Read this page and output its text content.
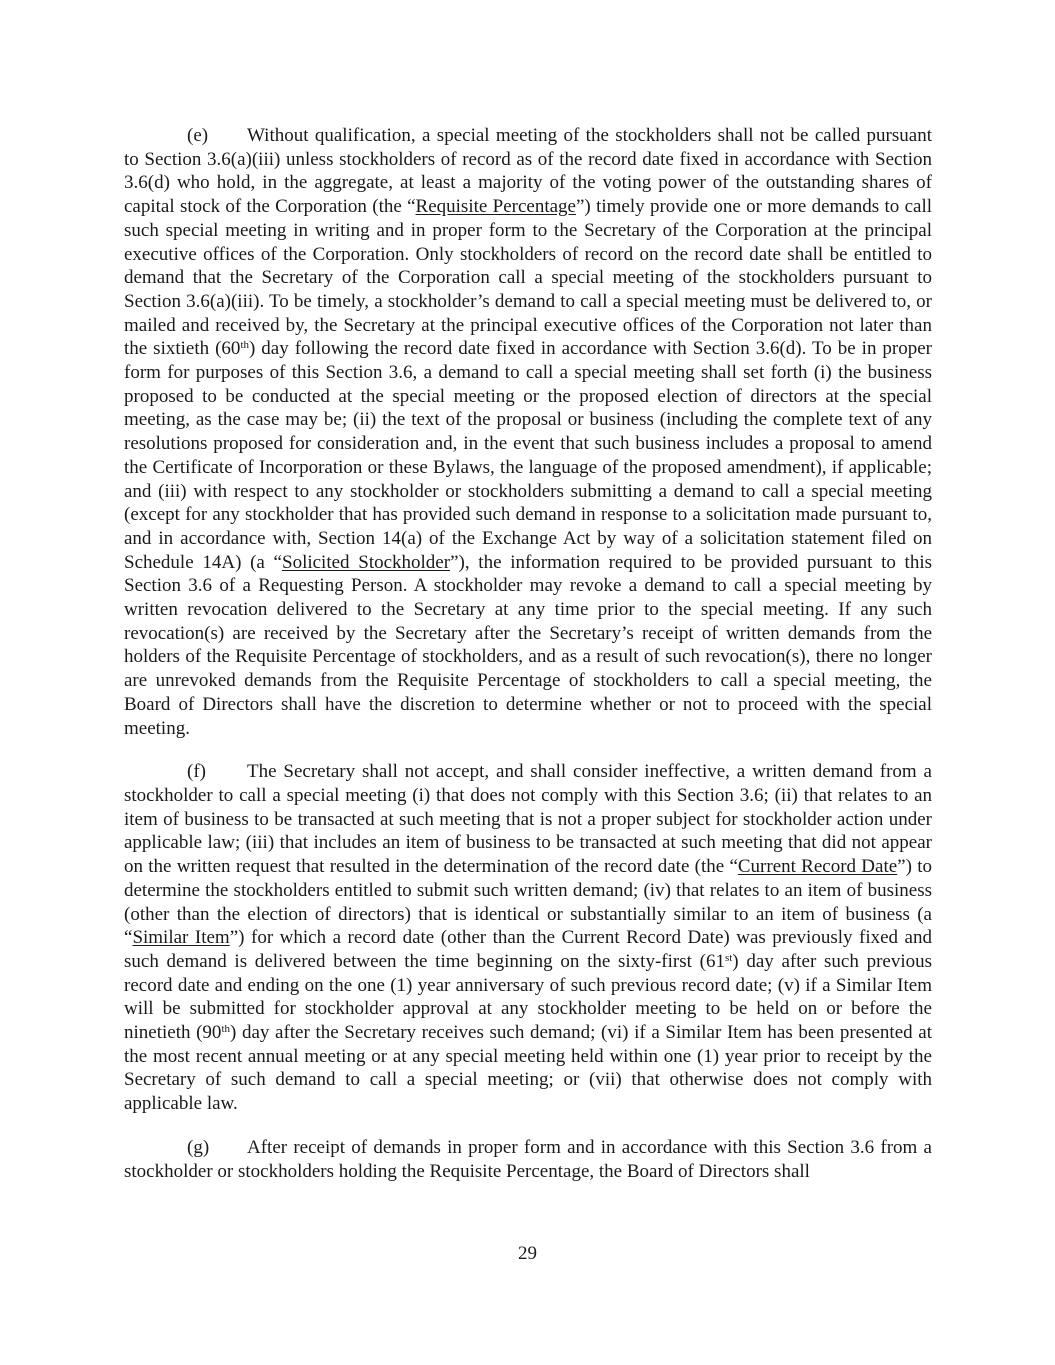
(e) Without qualification, a special meeting of the stockholders shall not be called pursuant to Section 3.6(a)(iii) unless stockholders of record as of the record date fixed in accordance with Section 3.6(d) who hold, in the aggregate, at least a majority of the voting power of the outstanding shares of capital stock of the Corporation (the “Requisite Percentage”) timely provide one or more demands to call such special meeting in writing and in proper form to the Secretary of the Corporation at the principal executive offices of the Corporation. Only stockholders of record on the record date shall be entitled to demand that the Secretary of the Corporation call a special meeting of the stockholders pursuant to Section 3.6(a)(iii). To be timely, a stockholder’s demand to call a special meeting must be delivered to, or mailed and received by, the Secretary at the principal executive offices of the Corporation not later than the sixtieth (60th) day following the record date fixed in accordance with Section 3.6(d). To be in proper form for purposes of this Section 3.6, a demand to call a special meeting shall set forth (i) the business proposed to be conducted at the special meeting or the proposed election of directors at the special meeting, as the case may be; (ii) the text of the proposal or business (including the complete text of any resolutions proposed for consideration and, in the event that such business includes a proposal to amend the Certificate of Incorporation or these Bylaws, the language of the proposed amendment), if applicable; and (iii) with respect to any stockholder or stockholders submitting a demand to call a special meeting (except for any stockholder that has provided such demand in response to a solicitation made pursuant to, and in accordance with, Section 14(a) of the Exchange Act by way of a solicitation statement filed on Schedule 14A) (a “Solicited Stockholder”), the information required to be provided pursuant to this Section 3.6 of a Requesting Person. A stockholder may revoke a demand to call a special meeting by written revocation delivered to the Secretary at any time prior to the special meeting. If any such revocation(s) are received by the Secretary after the Secretary’s receipt of written demands from the holders of the Requisite Percentage of stockholders, and as a result of such revocation(s), there no longer are unrevoked demands from the Requisite Percentage of stockholders to call a special meeting, the Board of Directors shall have the discretion to determine whether or not to proceed with the special meeting.

(f) The Secretary shall not accept, and shall consider ineffective, a written demand from a stockholder to call a special meeting (i) that does not comply with this Section 3.6; (ii) that relates to an item of business to be transacted at such meeting that is not a proper subject for stockholder action under applicable law; (iii) that includes an item of business to be transacted at such meeting that did not appear on the written request that resulted in the determination of the record date (the “Current Record Date”) to determine the stockholders entitled to submit such written demand; (iv) that relates to an item of business (other than the election of directors) that is identical or substantially similar to an item of business (a “Similar Item”) for which a record date (other than the Current Record Date) was previously fixed and such demand is delivered between the time beginning on the sixty-first (61st) day after such previous record date and ending on the one (1) year anniversary of such previous record date; (v) if a Similar Item will be submitted for stockholder approval at any stockholder meeting to be held on or before the ninetieth (90th) day after the Secretary receives such demand; (vi) if a Similar Item has been presented at the most recent annual meeting or at any special meeting held within one (1) year prior to receipt by the Secretary of such demand to call a special meeting; or (vii) that otherwise does not comply with applicable law.

(g) After receipt of demands in proper form and in accordance with this Section 3.6 from a stockholder or stockholders holding the Requisite Percentage, the Board of Directors shall

29
